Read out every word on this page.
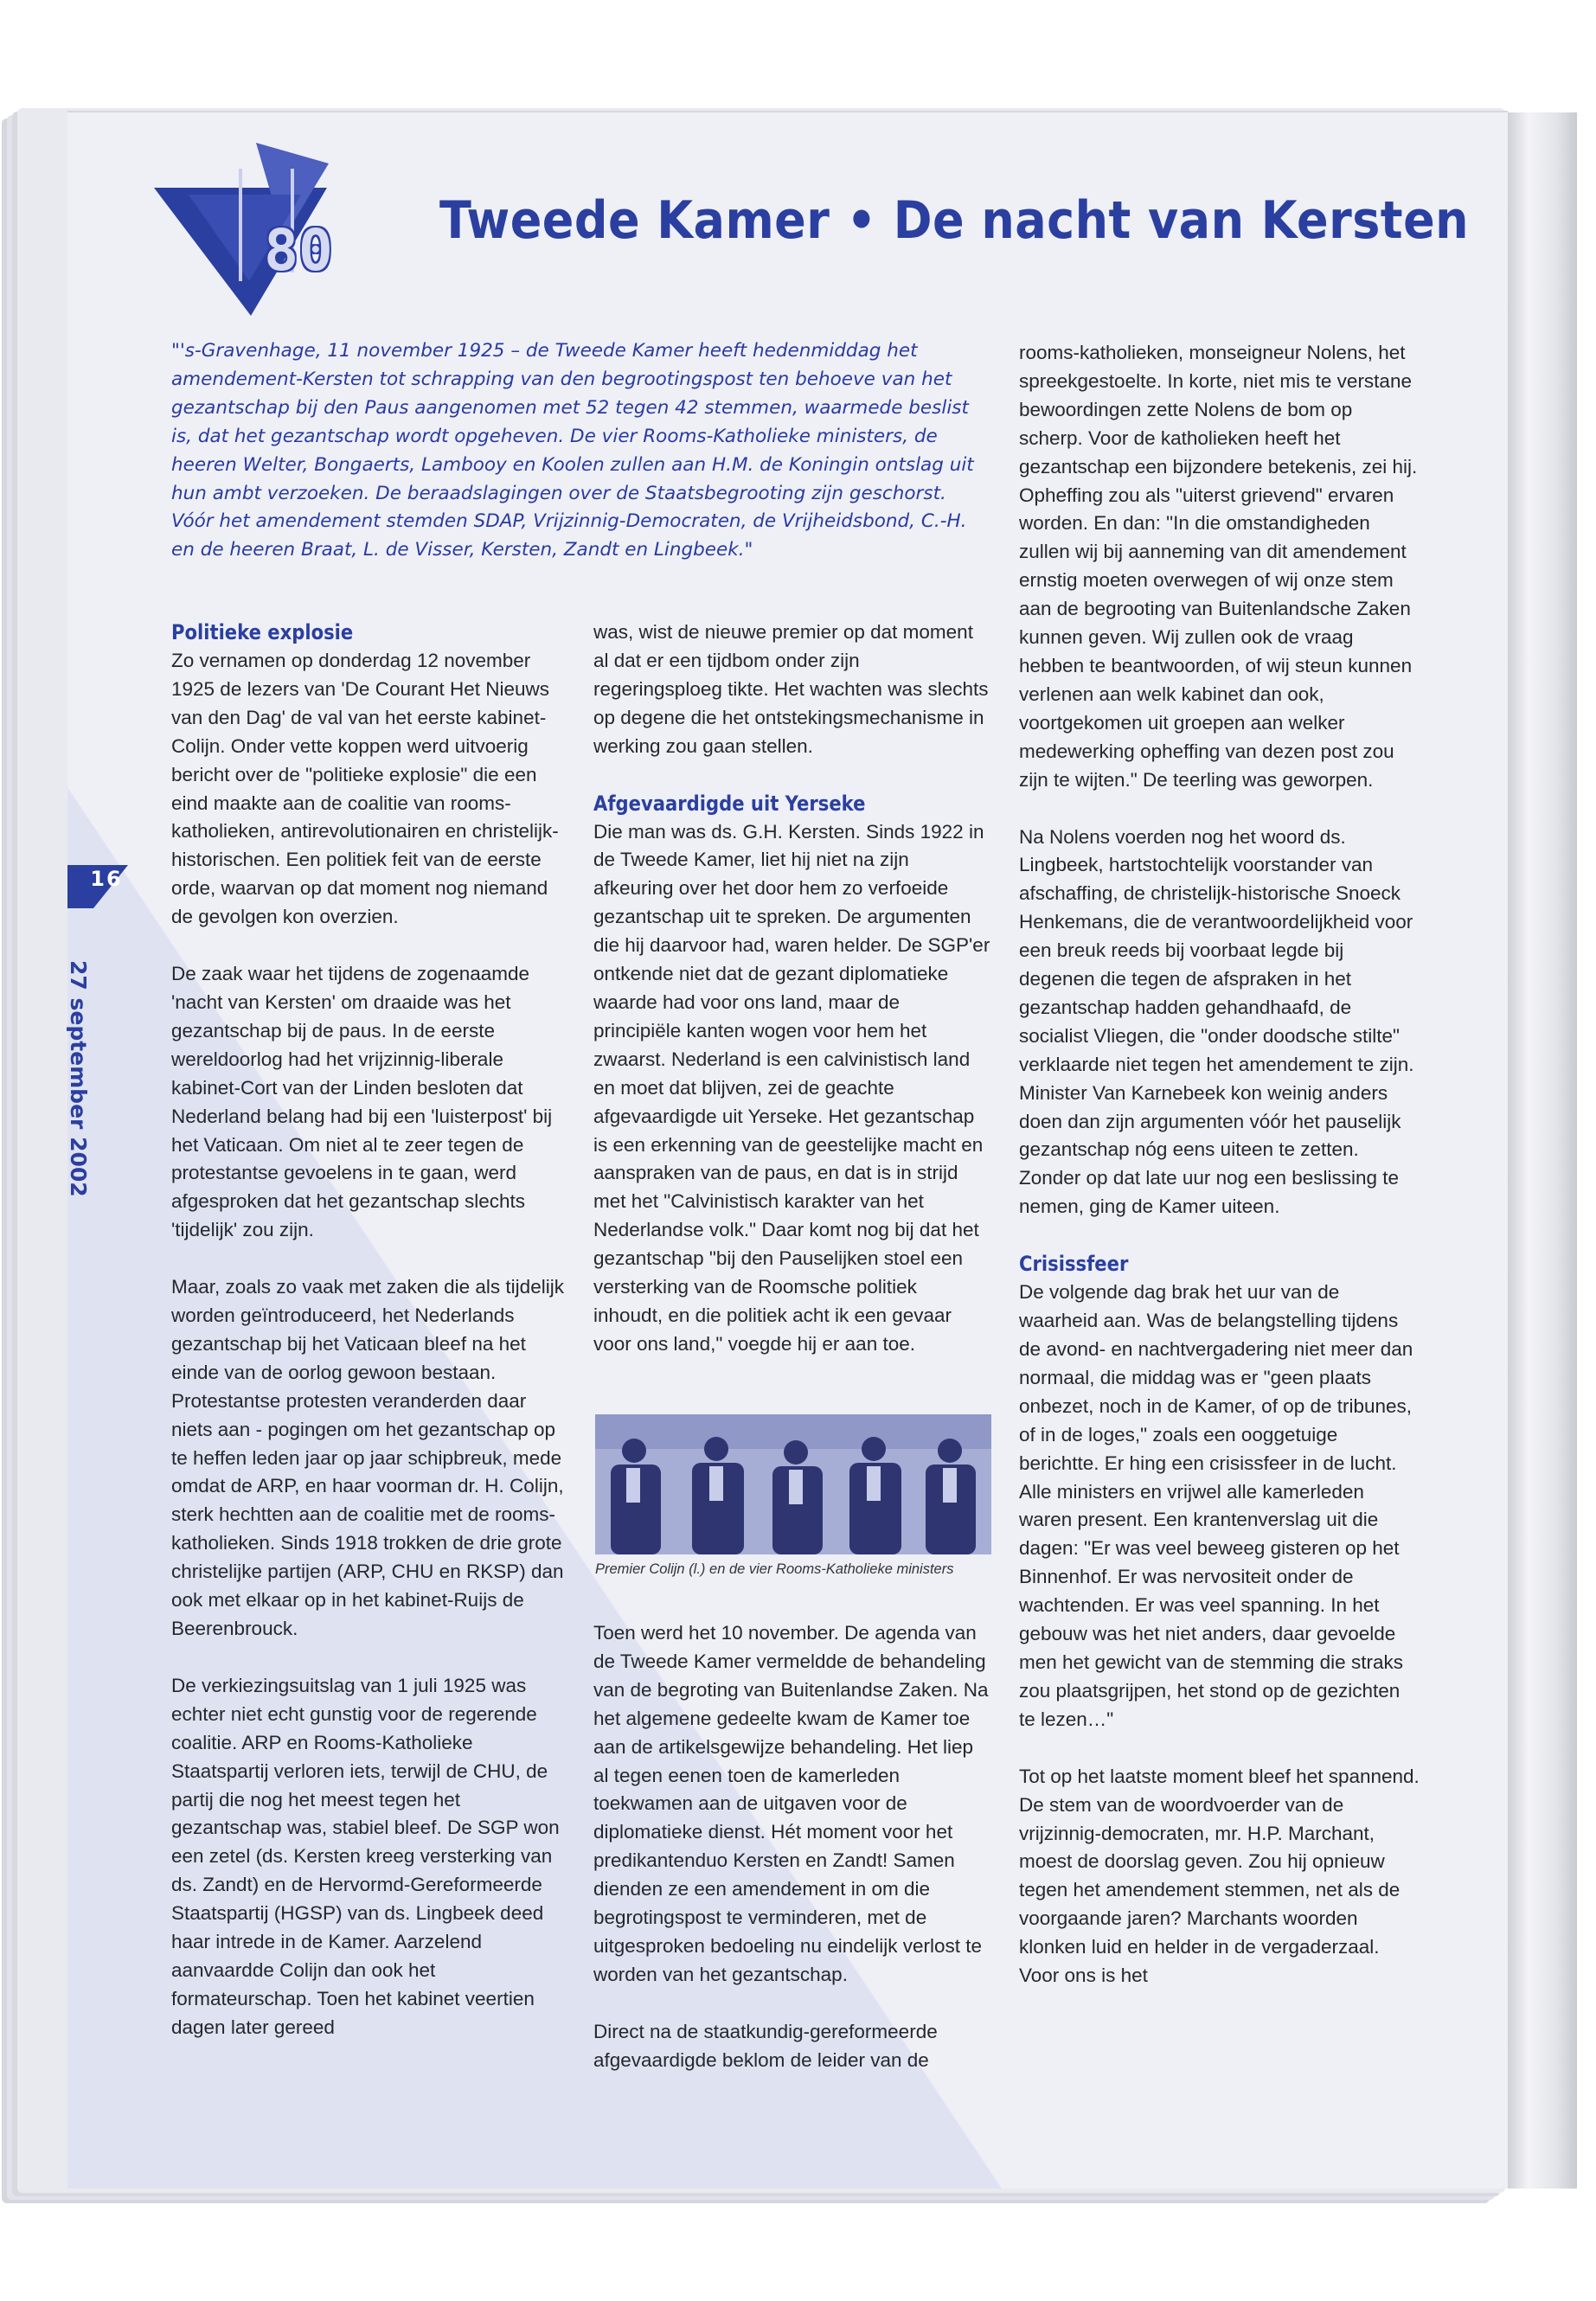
80 Tweede Kamer • De nacht van Kersten

"'s-Gravenhage, 11 november 1925 – de Tweede Kamer heeft hedenmiddag het amendement-Kersten tot schrapping van den begrootingspost ten behoeve van het gezantschap bij den Paus aangenomen met 52 tegen 42 stemmen, waarmede beslist is, dat het gezantschap wordt opgeheven. De vier Rooms-Katholieke ministers, de heeren Welter, Bongaerts, Lambooy en Koolen zullen aan H.M. de Koningin ontslag uit hun ambt verzoeken. De beraadslagingen over de Staatsbegrooting zijn geschorst. Vóór het amendement stemden SDAP, Vrijzinnig-Democraten, de Vrijheidsbond, C.-H. en de heeren Braat, L. de Visser, Kersten, Zandt en Lingbeek."

16
27 september 2002
Politieke explosie

Zo vernamen op donderdag 12 november 1925 de lezers van 'De Courant Het Nieuws van den Dag' de val van het eerste kabinet-Colijn. Onder vette koppen werd uitvoerig bericht over de "politieke explosie" die een eind maakte aan de coalitie van rooms-katholieken, antirevolutionairen en christelijk-historischen. Een politiek feit van de eerste orde, waarvan op dat moment nog niemand de gevolgen kon overzien.

De zaak waar het tijdens de zogenaamde 'nacht van Kersten' om draaide was het gezantschap bij de paus. In de eerste wereldoorlog had het vrijzinnig-liberale kabinet-Cort van der Linden besloten dat Nederland belang had bij een 'luisterpost' bij het Vaticaan. Om niet al te zeer tegen de protestantse gevoelens in te gaan, werd afgesproken dat het gezantschap slechts 'tijdelijk' zou zijn.

Maar, zoals zo vaak met zaken die als tijdelijk worden geïntroduceerd, het Nederlands gezantschap bij het Vaticaan bleef na het einde van de oorlog gewoon bestaan. Protestantse protesten veranderden daar niets aan - pogingen om het gezantschap op te heffen leden jaar op jaar schipbreuk, mede omdat de ARP, en haar voorman dr. H. Colijn, sterk hechtten aan de coalitie met de rooms-katholieken. Sinds 1918 trokken de drie grote christelijke partijen (ARP, CHU en RKSP) dan ook met elkaar op in het kabinet-Ruijs de Beerenbrouck.

De verkiezingsuitslag van 1 juli 1925 was echter niet echt gunstig voor de regerende coalitie. ARP en Rooms-Katholieke Staatspartij verloren iets, terwijl de CHU, de partij die nog het meest tegen het gezantschap was, stabiel bleef. De SGP won een zetel (ds. Kersten kreeg versterking van ds. Zandt) en de Hervormd-Gereformeerde Staatspartij (HGSP) van ds. Lingbeek deed haar intrede in de Kamer. Aarzelend aanvaardde Colijn dan ook het formateurschap. Toen het kabinet veertien dagen later gereed

was, wist de nieuwe premier op dat moment al dat er een tijdbom onder zijn regeringsploeg tikte. Het wachten was slechts op degene die het ontstekingsmechanisme in werking zou gaan stellen.

Afgevaardigde uit Yerseke

Die man was ds. G.H. Kersten. Sinds 1922 in de Tweede Kamer, liet hij niet na zijn afkeuring over het door hem zo verfoeide gezantschap uit te spreken. De argumenten die hij daarvoor had, waren helder. De SGP'er ontkende niet dat de gezant diplomatieke waarde had voor ons land, maar de principiële kanten wogen voor hem het zwaarst. Nederland is een calvinistisch land en moet dat blijven, zei de geachte afgevaardigde uit Yerseke. Het gezantschap is een erkenning van de geestelijke macht en aanspraken van de paus, en dat is in strijd met het "Calvinistisch karakter van het Nederlandse volk." Daar komt nog bij dat het gezantschap "bij den Pauselijken stoel een versterking van de Roomsche politiek inhoudt, en die politiek acht ik een gevaar voor ons land," voegde hij er aan toe.

Premier Colijn (l.) en de vier Rooms-Katholieke ministers

Toen werd het 10 november. De agenda van de Tweede Kamer vermeldde de behandeling van de begroting van Buitenlandse Zaken. Na het algemene gedeelte kwam de Kamer toe aan de artikelsgewijze behandeling. Het liep al tegen eenen toen de kamerleden toekwamen aan de uitgaven voor de diplomatieke dienst. Hét moment voor het predikantenduo Kersten en Zandt! Samen dienden ze een amendement in om die begrotingspost te verminderen, met de uitgesproken bedoeling nu eindelijk verlost te worden van het gezantschap.

Direct na de staatkundig-gereformeerde afgevaardigde beklom de leider van de

rooms-katholieken, monseigneur Nolens, het spreekgestoelte. In korte, niet mis te verstane bewoordingen zette Nolens de bom op scherp. Voor de katholieken heeft het gezantschap een bijzondere betekenis, zei hij. Opheffing zou als "uiterst grievend" ervaren worden. En dan: "In die omstandigheden zullen wij bij aanneming van dit amendement ernstig moeten overwegen of wij onze stem aan de begrooting van Buitenlandsche Zaken kunnen geven. Wij zullen ook de vraag hebben te beantwoorden, of wij steun kunnen verlenen aan welk kabinet dan ook, voortgekomen uit groepen aan welker medewerking opheffing van dezen post zou zijn te wijten." De teerling was geworpen.

Na Nolens voerden nog het woord ds. Lingbeek, hartstochtelijk voorstander van afschaffing, de christelijk-historische Snoeck Henkemans, die de verantwoordelijkheid voor een breuk reeds bij voorbaat legde bij degenen die tegen de afspraken in het gezantschap hadden gehandhaafd, de socialist Vliegen, die "onder doodsche stilte" verklaarde niet tegen het amendement te zijn. Minister Van Karnebeek kon weinig anders doen dan zijn argumenten vóór het pauselijk gezantschap nóg eens uiteen te zetten. Zonder op dat late uur nog een beslissing te nemen, ging de Kamer uiteen.

Crisissfeer

De volgende dag brak het uur van de waarheid aan. Was de belangstelling tijdens de avond- en nachtvergadering niet meer dan normaal, die middag was er "geen plaats onbezet, noch in de Kamer, of op de tribunes, of in de loges," zoals een ooggetuige berichtte. Er hing een crisissfeer in de lucht. Alle ministers en vrijwel alle kamerleden waren present. Een krantenverslag uit die dagen: "Er was veel beweeg gisteren op het Binnenhof. Er was nervositeit onder de wachtenden. Er was veel spanning. In het gebouw was het niet anders, daar gevoelde men het gewicht van de stemming die straks zou plaatsgrijpen, het stond op de gezichten te lezen…"

Tot op het laatste moment bleef het spannend. De stem van de woordvoerder van de vrijzinnig-democraten, mr. H.P. Marchant, moest de doorslag geven. Zou hij opnieuw tegen het amendement stemmen, net als de voorgaande jaren? Marchants woorden klonken luid en helder in de vergaderzaal. Voor ons is het
